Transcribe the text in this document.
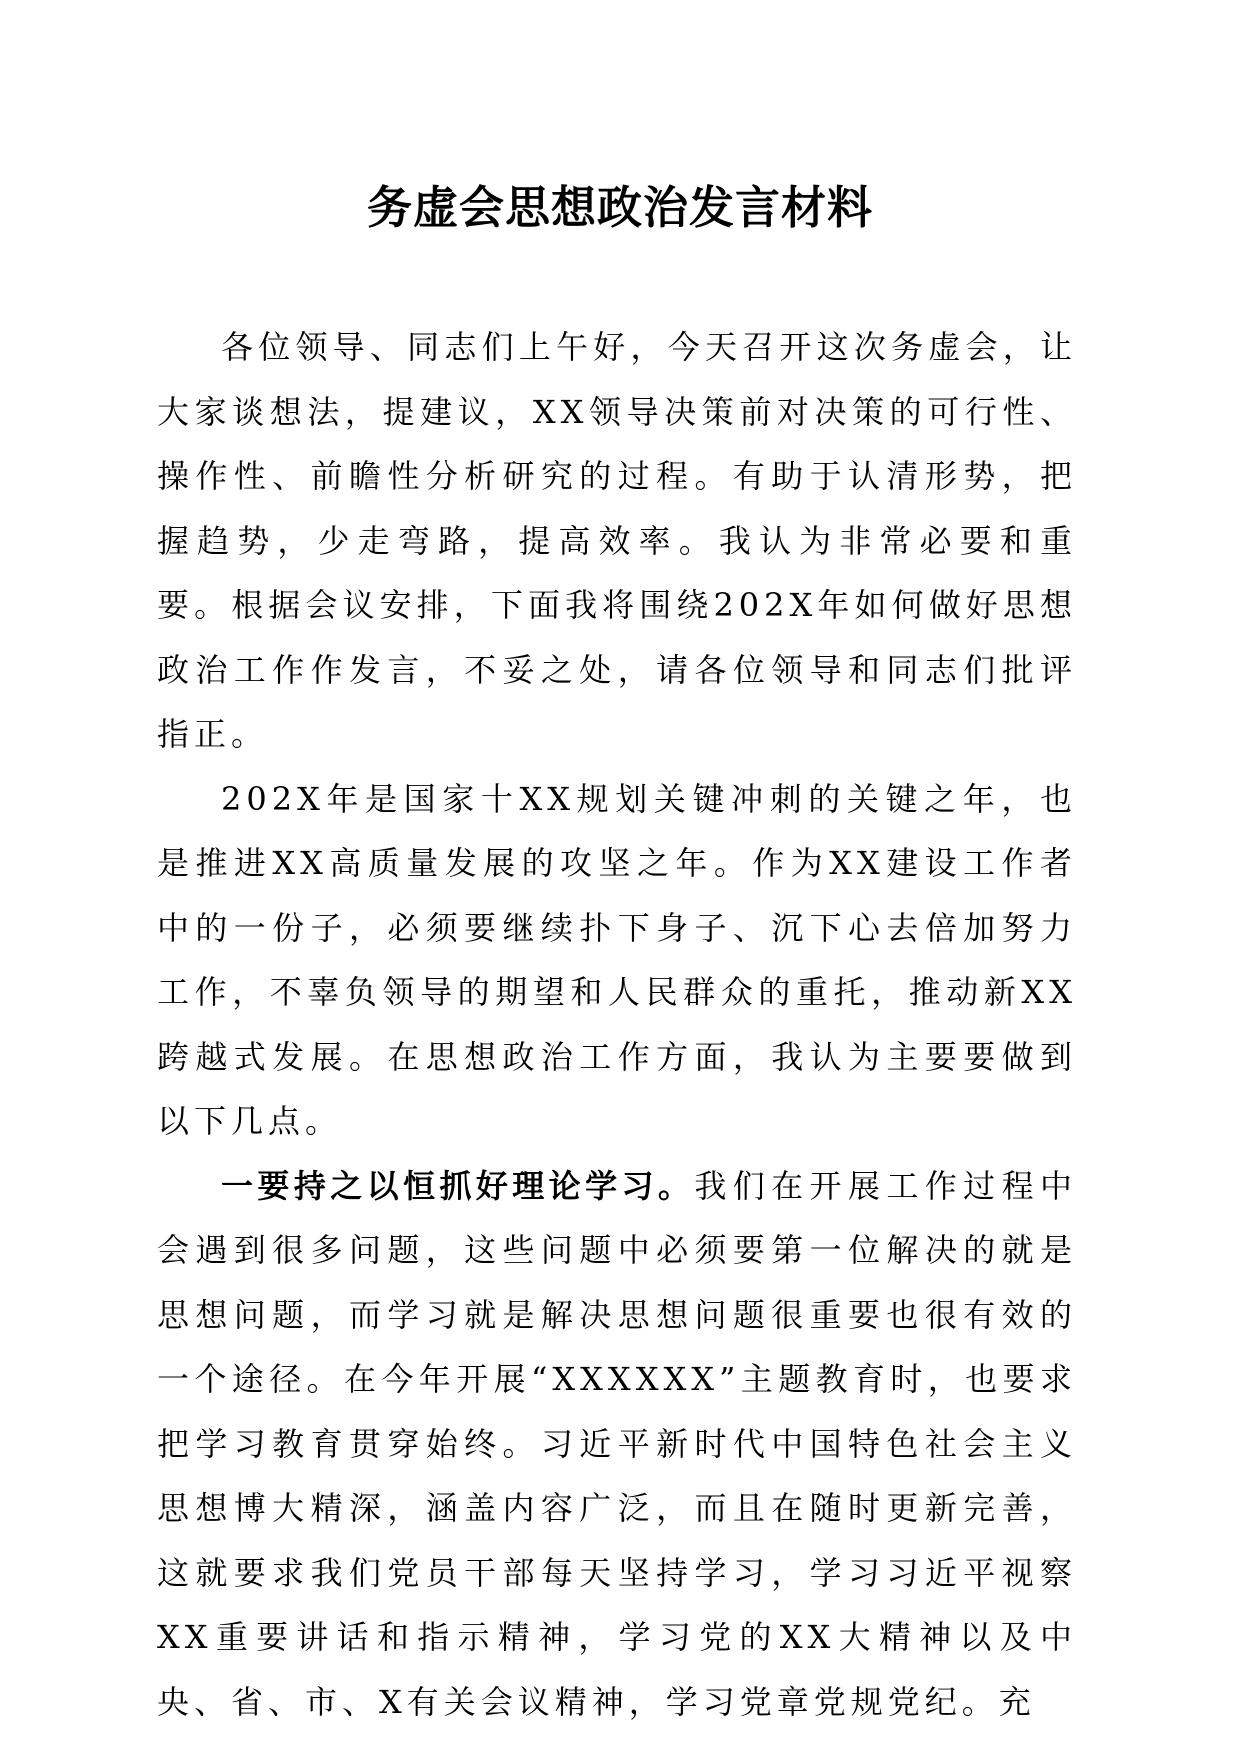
务虚会思想政治发言材料

各位领导、同志们上午好，今天召开这次务虚会，让大家谈想法，提建议，XX领导决策前对决策的可行性、操作性、前瞻性分析研究的过程。有助于认清形势，把握趋势，少走弯路，提高效率。我认为非常必要和重要。根据会议安排，下面我将围绕202X年如何做好思想政治工作作发言，不妥之处，请各位领导和同志们批评指正。

202X年是国家十XX规划关键冲刺的关键之年，也是推进XX高质量发展的攻坚之年。作为XX建设工作者中的一份子，必须要继续扑下身子、沉下心去倍加努力工作，不辜负领导的期望和人民群众的重托，推动新XX跨越式发展。在思想政治工作方面，我认为主要要做到以下几点。

一要持之以恒抓好理论学习。我们在开展工作过程中会遇到很多问题，这些问题中必须要第一位解决的就是思想问题，而学习就是解决思想问题很重要也很有效的一个途径。在今年开展“XXXXXX”主题教育时，也要求把学习教育贯穿始终。习近平新时代中国特色社会主义思想博大精深，涵盖内容广泛，而且在随时更新完善，这就要求我们党员干部每天坚持学习，学习习近平视察XX重要讲话和指示精神，学习党的XX大精神以及中央、省、市、X有关会议精神，学习党章党规党纪。充
